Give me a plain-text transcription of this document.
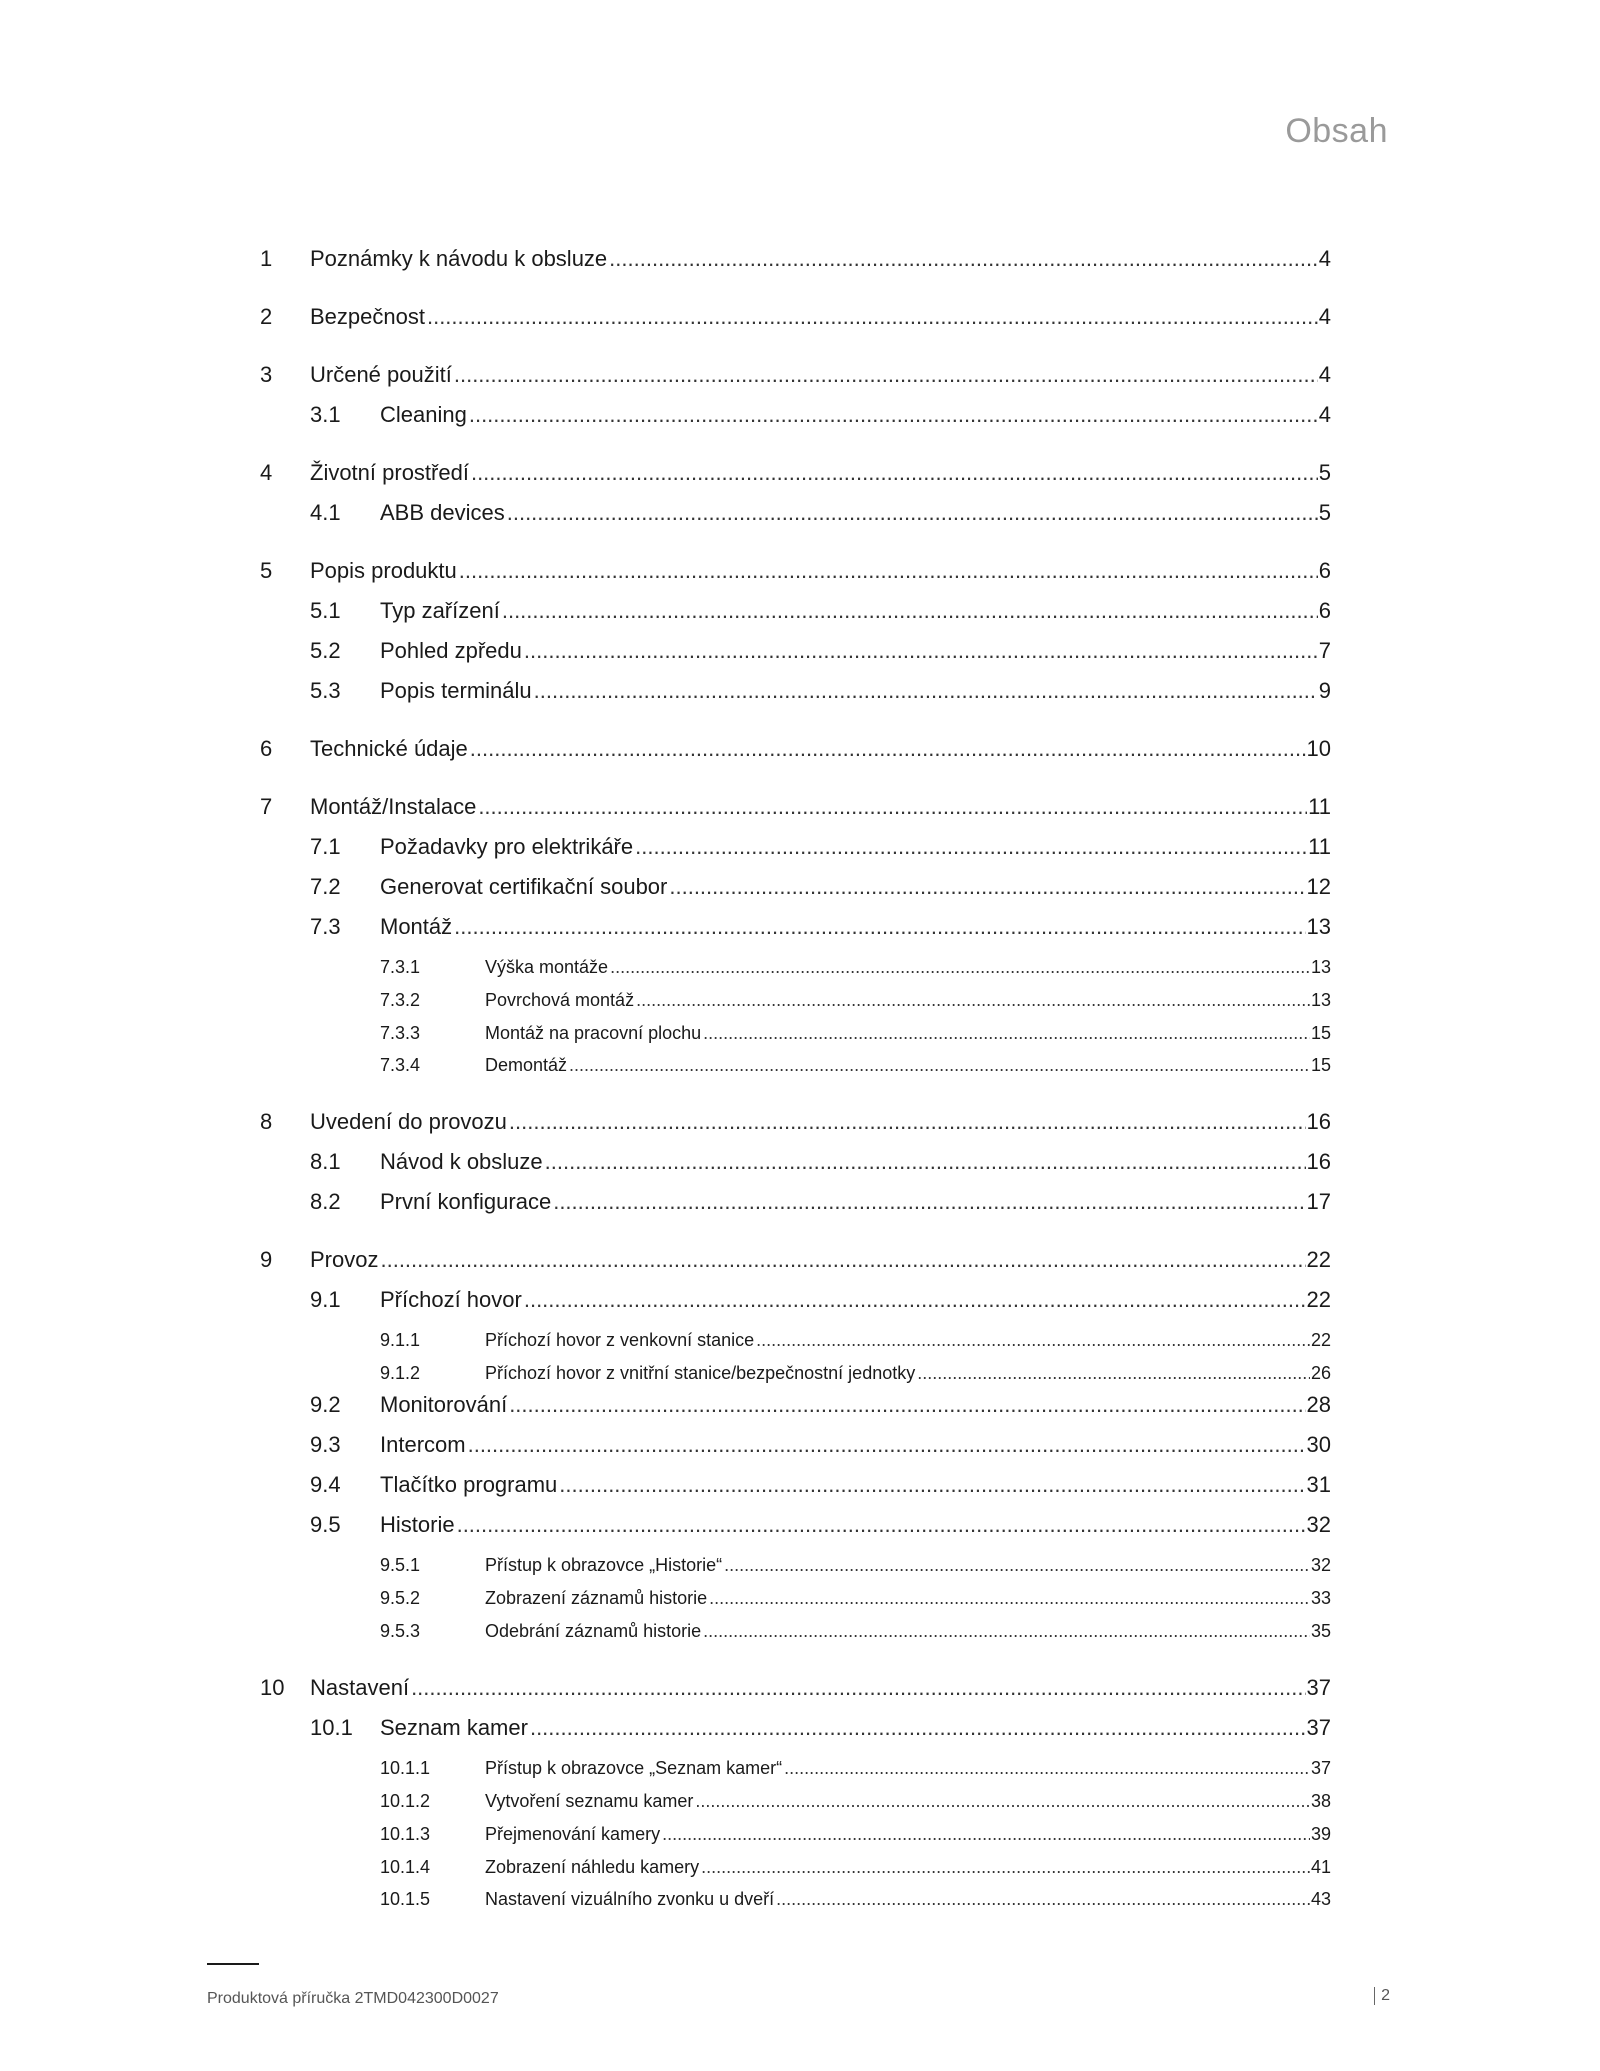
Obsah
1	Poznámky k návodu k obsluze .....	4
2	Bezpečnost .....	4
3	Určené použití .....	4
3.1	Cleaning .....	4
4	Životní prostředí .....	5
4.1	ABB devices .....	5
5	Popis produktu .....	6
5.1	Typ zařízení .....	6
5.2	Pohled zpředu .....	7
5.3	Popis terminálu .....	9
6	Technické údaje .....	10
7	Montáž/Instalace .....	11
7.1	Požadavky pro elektrikáře .....	11
7.2	Generovat certifikační soubor .....	12
7.3	Montáž .....	13
7.3.1	Výška montáže .....	13
7.3.2	Povrchová montáž .....	13
7.3.3	Montáž na pracovní plochu .....	15
7.3.4	Demontáž .....	15
8	Uvedení do provozu .....	16
8.1	Návod k obsluze .....	16
8.2	První konfigurace .....	17
9	Provoz .....	22
9.1	Příchozí hovor .....	22
9.1.1	Příchozí hovor z venkovní stanice .....	22
9.1.2	Příchozí hovor z vnitřní stanice/bezpečnostní jednotky .....	26
9.2	Monitorování .....	28
9.3	Intercom .....	30
9.4	Tlačítko programu .....	31
9.5	Historie .....	32
9.5.1	Přístup k obrazovce „Historie“ .....	32
9.5.2	Zobrazení záznamů historie .....	33
9.5.3	Odebrání záznamů historie .....	35
10	Nastavení .....	37
10.1	Seznam kamer .....	37
10.1.1	Přístup k obrazovce „Seznam kamer“ .....	37
10.1.2	Vytvoření seznamu kamer .....	38
10.1.3	Přejmenování kamery .....	39
10.1.4	Zobrazení náhledu kamery .....	41
10.1.5	Nastavení vizuálního zvonku u dveří .....	43
Produktová příručka 2TMD042300D0027	2
